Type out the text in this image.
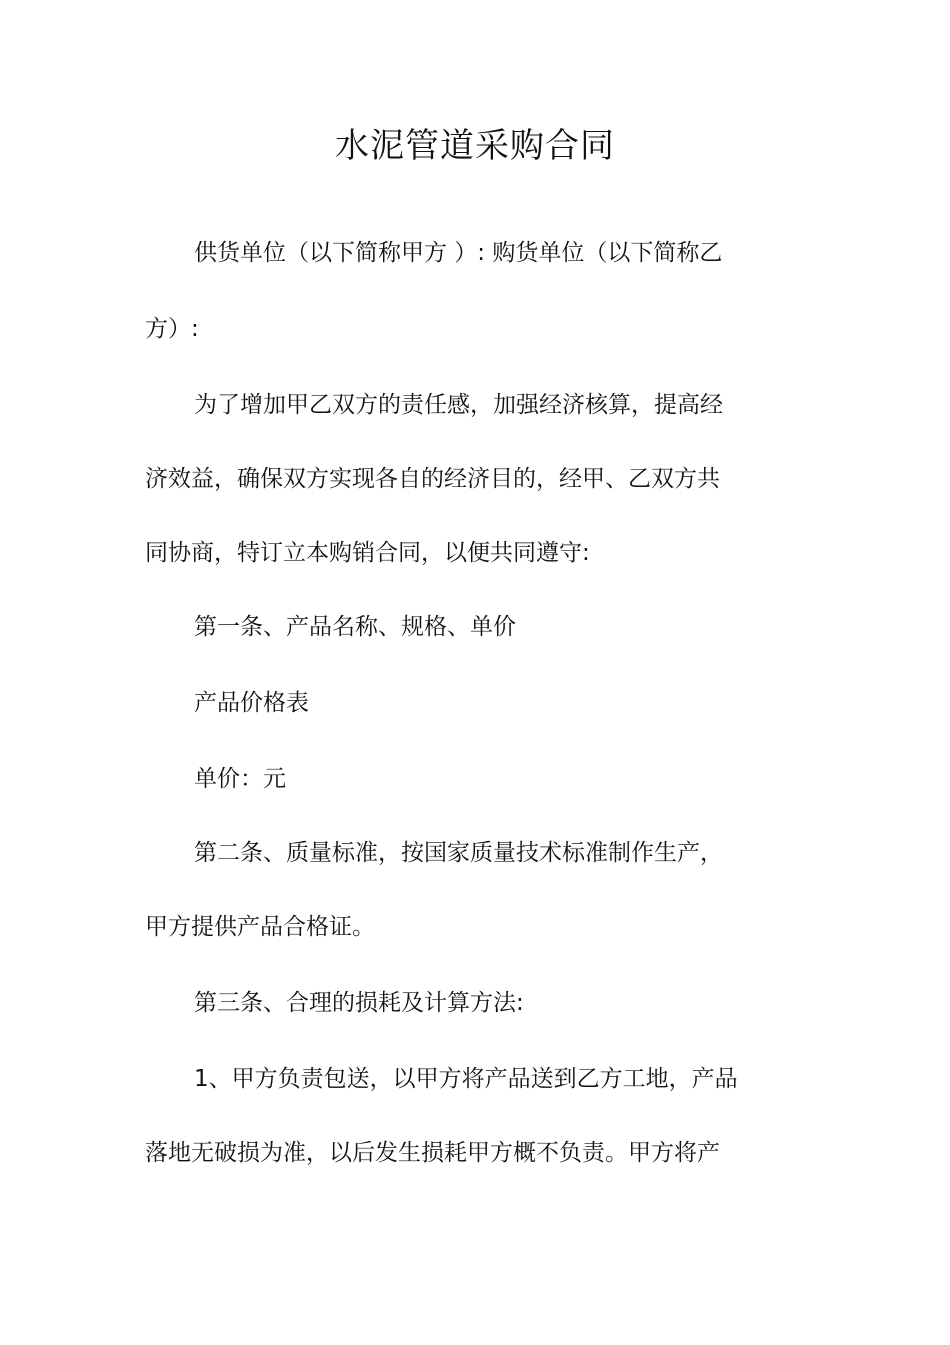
水泥管道采购合同
供货单位（以下简称甲方 ）: 购货单位（以下简称乙
方）:
为了增加甲乙双方的责任感，加强经济核算，提高经
济效益，确保双方实现各自的经济目的，经甲、乙双方共
同协商，特订立本购销合同，以便共同遵守:
第一条、产品名称、规格、单价
产品价格表
单价：元
第二条、质量标准，按国家质量技术标准制作生产，
甲方提供产品合格证。
第三条、合理的损耗及计算方法:
1、甲方负责包送，以甲方将产品送到乙方工地，产品
落地无破损为准，以后发生损耗甲方概不负责。甲方将产
